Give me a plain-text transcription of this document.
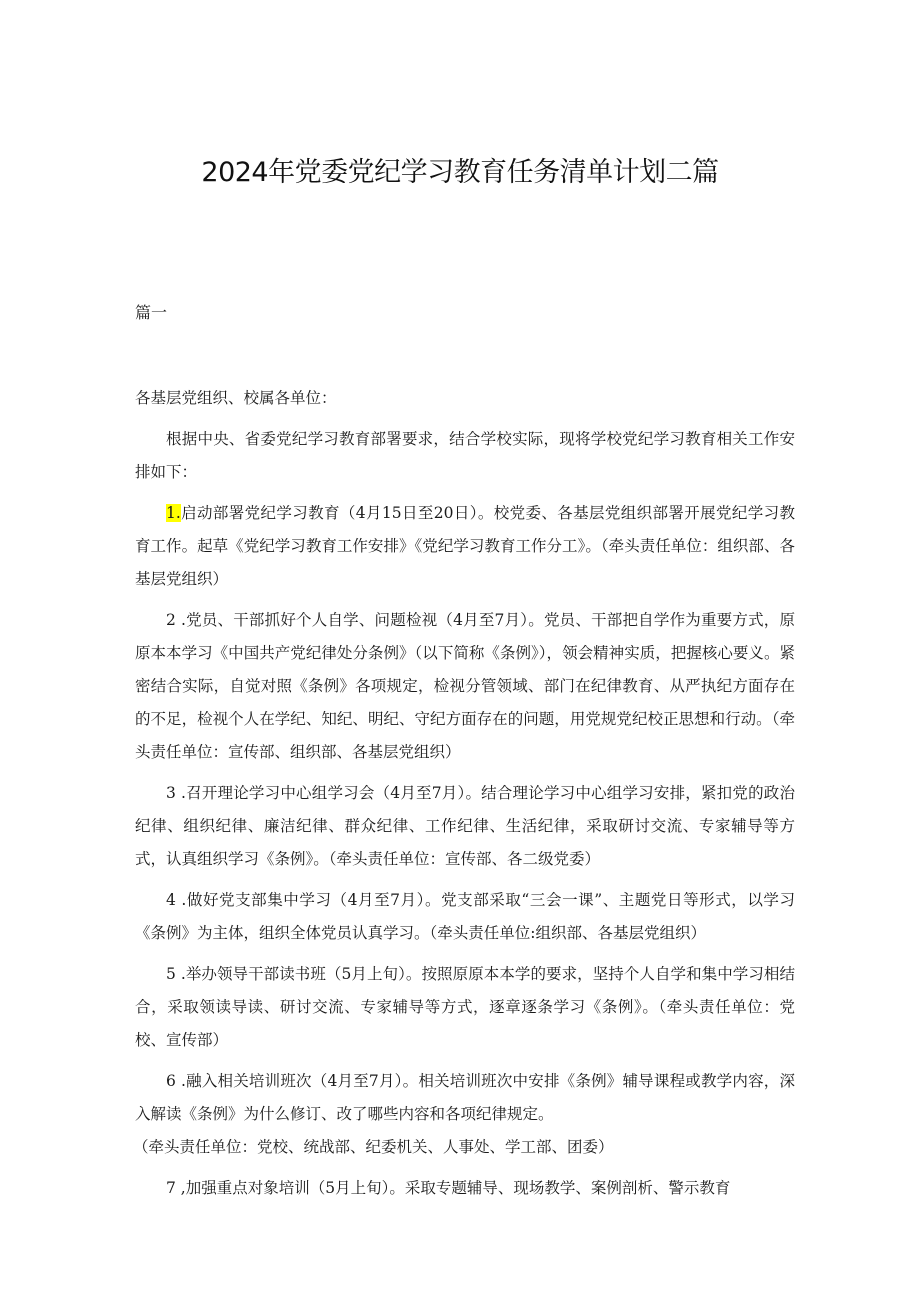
2024年党委党纪学习教育任务清单计划二篇

篇一

各基层党组织、校属各单位：

根据中央、省委党纪学习教育部署要求，结合学校实际，现将学校党纪学习教育相关工作安排如下：

1.启动部署党纪学习教育（4月15日至20日）。校党委、各基层党组织部署开展党纪学习教育工作。起草《党纪学习教育工作安排》《党纪学习教育工作分工》。（牵头责任单位：组织部、各基层党组织）

2 .党员、干部抓好个人自学、问题检视（4月至7月）。党员、干部把自学作为重要方式，原原本本学习《中国共产党纪律处分条例》（以下简称《条例》），领会精神实质，把握核心要义。紧密结合实际，自觉对照《条例》各项规定，检视分管领域、部门在纪律教育、从严执纪方面存在的不足，检视个人在学纪、知纪、明纪、守纪方面存在的问题，用党规党纪校正思想和行动。（牵头责任单位：宣传部、组织部、各基层党组织）

3 .召开理论学习中心组学习会（4月至7月）。结合理论学习中心组学习安排，紧扣党的政治纪律、组织纪律、廉洁纪律、群众纪律、工作纪律、生活纪律，采取研讨交流、专家辅导等方式，认真组织学习《条例》。（牵头责任单位：宣传部、各二级党委）

4 .做好党支部集中学习（4月至7月）。党支部采取“三会一课”、主题党日等形式，以学习《条例》为主体，组织全体党员认真学习。（牵头责任单位:组织部、各基层党组织）

5 .举办领导干部读书班（5月上旬）。按照原原本本学的要求，坚持个人自学和集中学习相结合，采取领读导读、研讨交流、专家辅导等方式，逐章逐条学习《条例》。（牵头责任单位：党校、宣传部）

6 .融入相关培训班次（4月至7月）。相关培训班次中安排《条例》辅导课程或教学内容，深入解读《条例》为什么修订、改了哪些内容和各项纪律规定。

（牵头责任单位：党校、统战部、纪委机关、人事处、学工部、团委）

7 ,加强重点对象培训（5月上旬）。采取专题辅导、现场教学、案例剖析、警示教育
